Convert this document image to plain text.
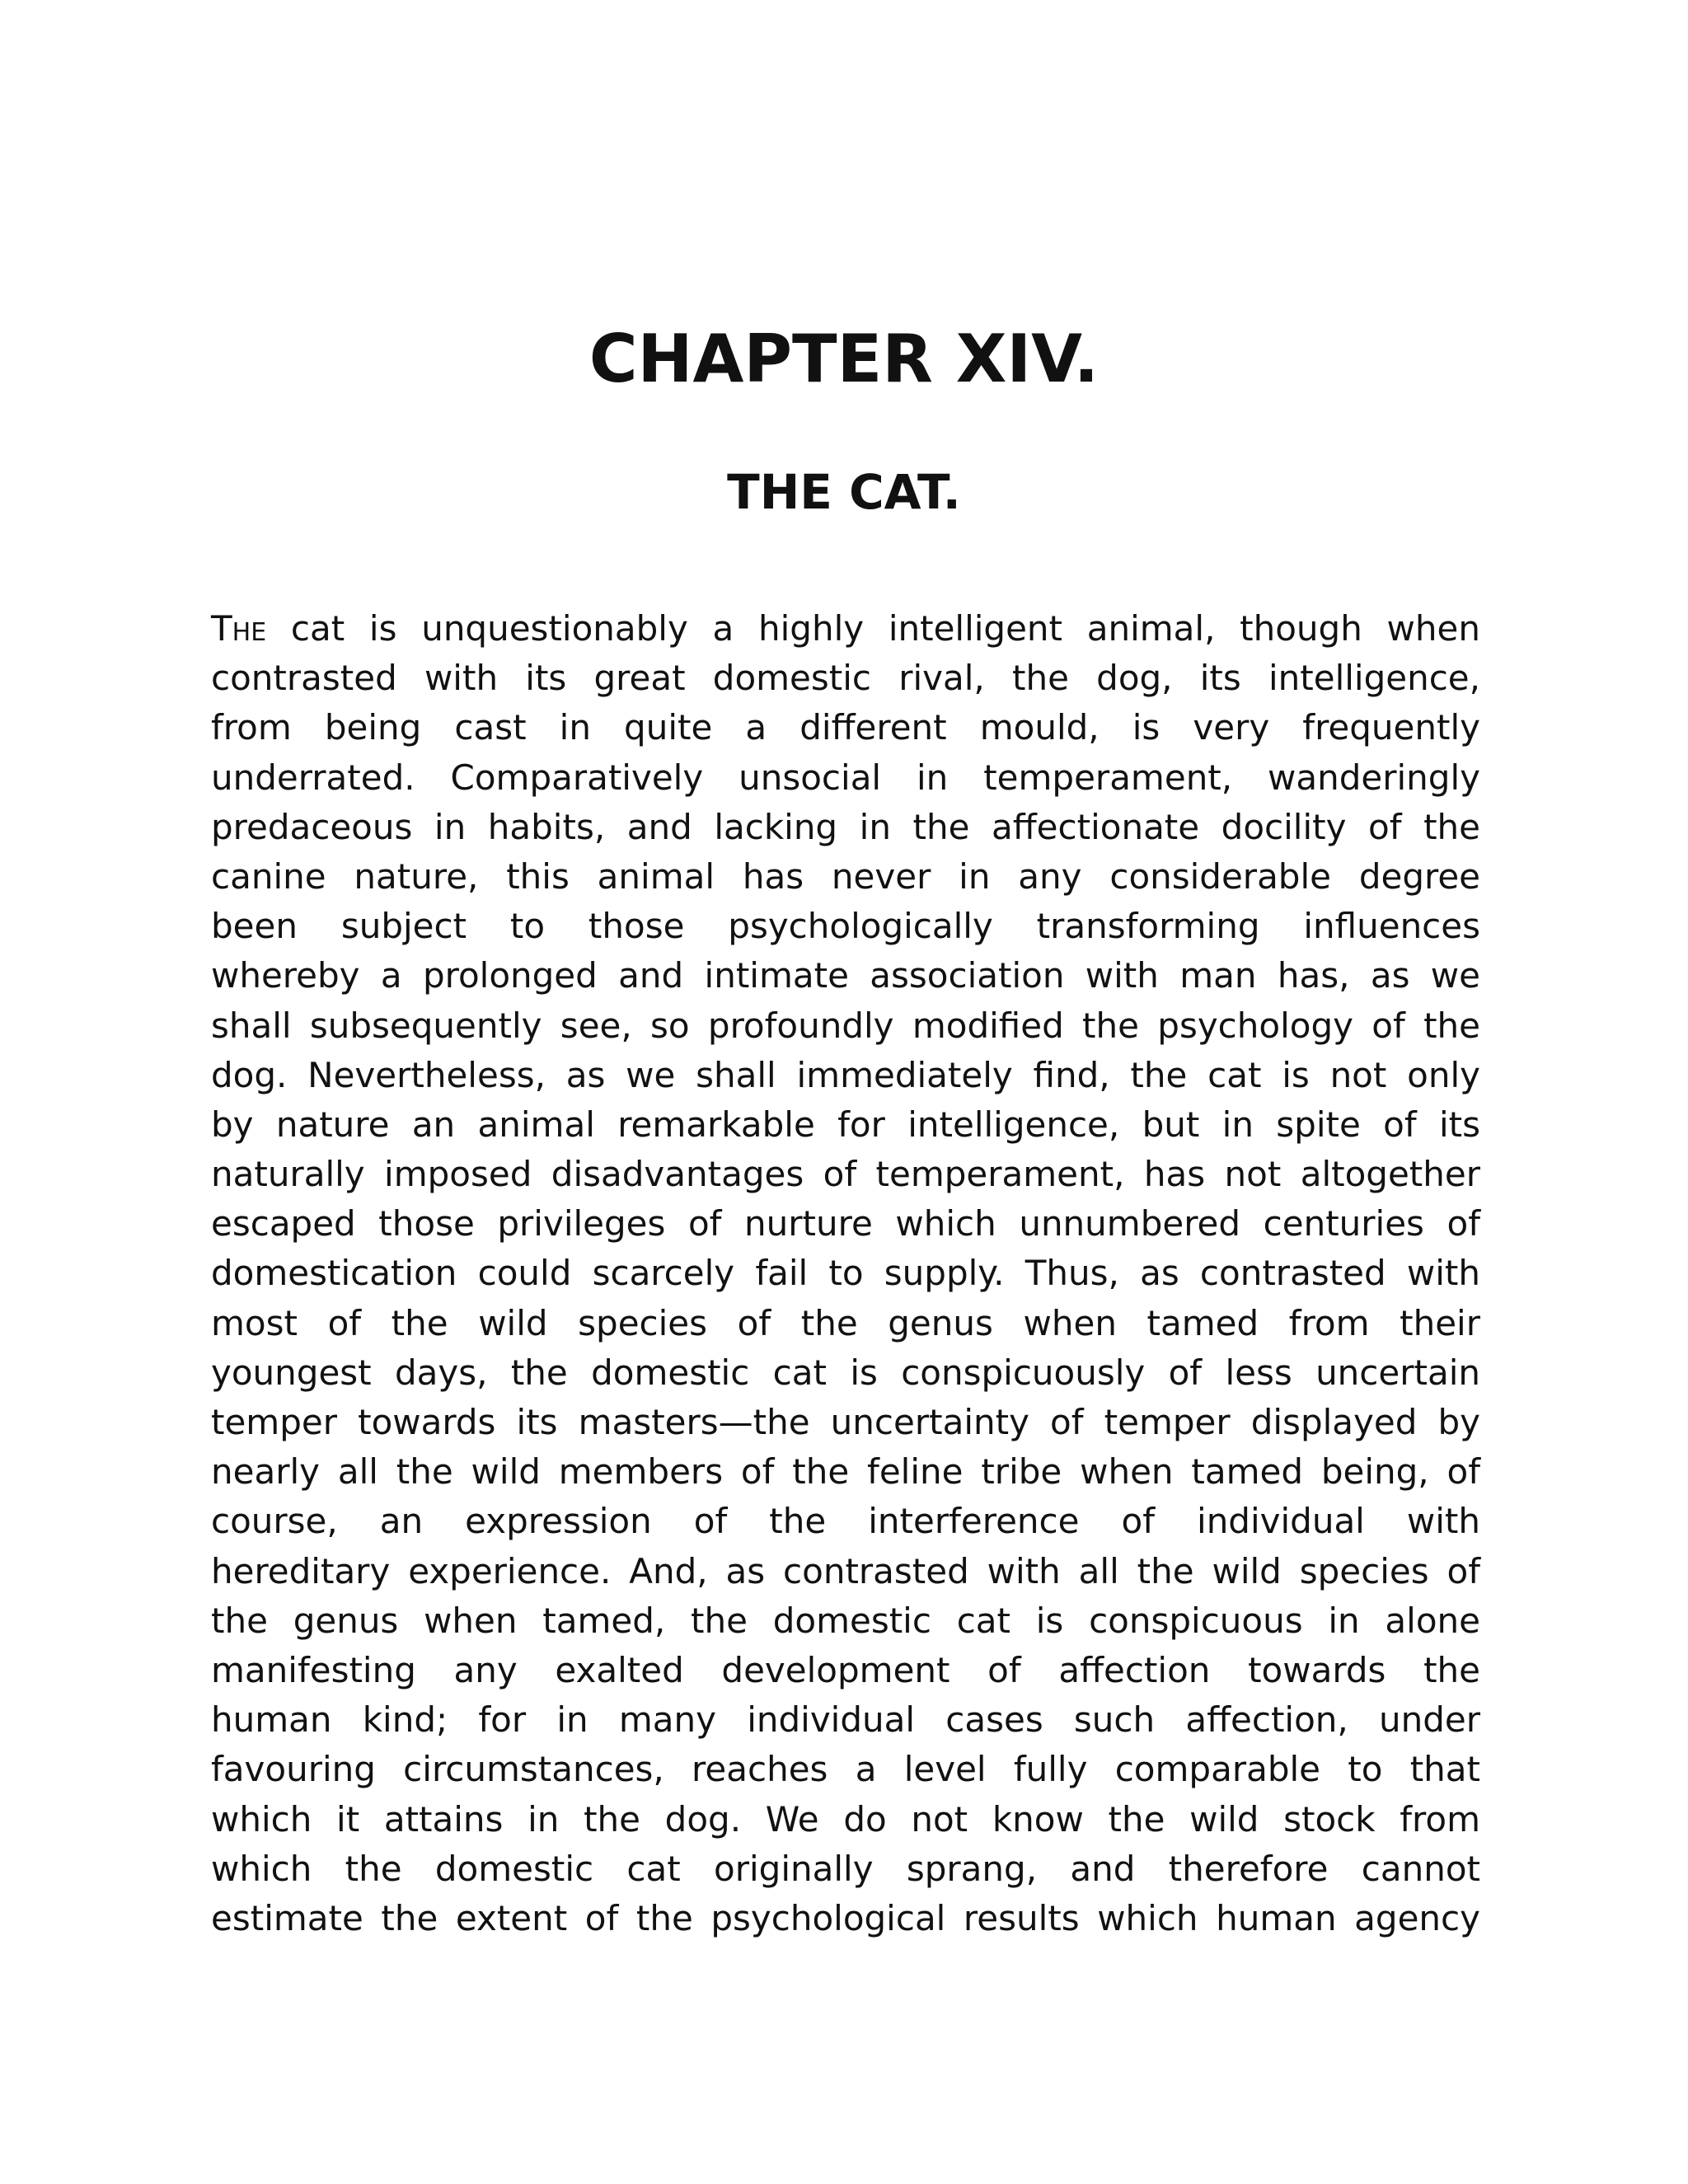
CHAPTER XIV.
THE CAT.
THE cat is unquestionably a highly intelligent animal, though when
contrasted with its great domestic rival, the dog, its intelligence,
from being cast in quite a different mould, is very frequently
underrated. Comparatively unsocial in temperament, wanderingly
predaceous in habits, and lacking in the affectionate docility of the
canine nature, this animal has never in any considerable degree
been subject to those psychologically transforming influences
whereby a prolonged and intimate association with man has, as we
shall subsequently see, so profoundly modified the psychology of the
dog. Nevertheless, as we shall immediately find, the cat is not only
by nature an animal remarkable for intelligence, but in spite of its
naturally imposed disadvantages of temperament, has not altogether
escaped those privileges of nurture which unnumbered centuries of
domestication could scarcely fail to supply. Thus, as contrasted with
most of the wild species of the genus when tamed from their
youngest days, the domestic cat is conspicuously of less uncertain
temper towards its masters—the uncertainty of temper displayed by
nearly all the wild members of the feline tribe when tamed being, of
course, an expression of the interference of individual with
hereditary experience. And, as contrasted with all the wild species of
the genus when tamed, the domestic cat is conspicuous in alone
manifesting any exalted development of affection towards the
human kind; for in many individual cases such affection, under
favouring circumstances, reaches a level fully comparable to that
which it attains in the dog. We do not know the wild stock from
which the domestic cat originally sprang, and therefore cannot
estimate the extent of the psychological results which human agency
